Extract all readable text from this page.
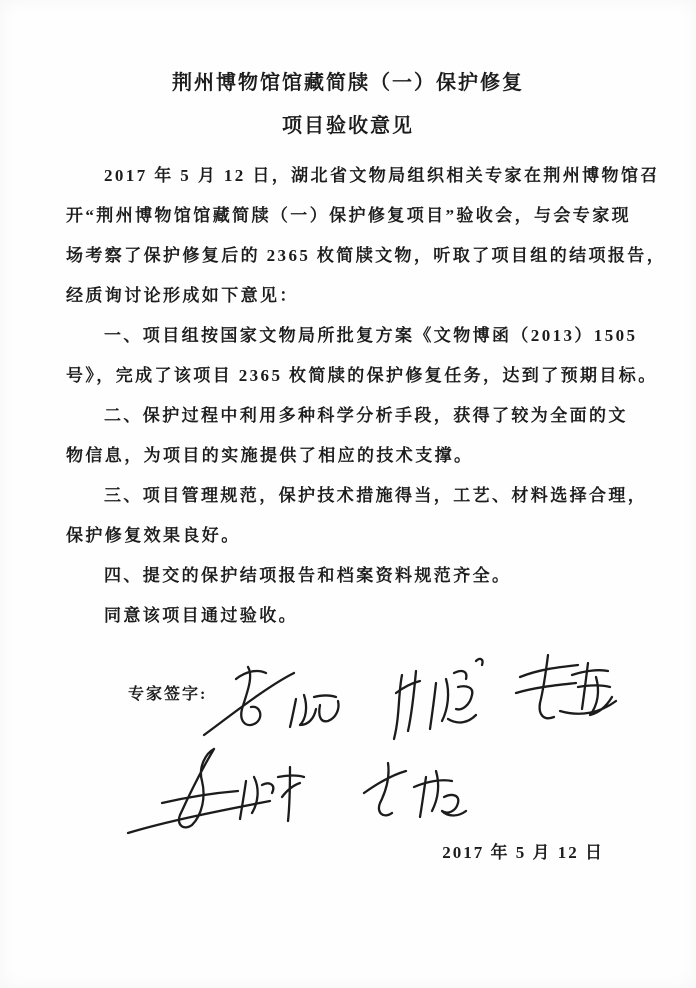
荆州博物馆馆藏简牍（一）保护修复
项目验收意见
2017 年 5 月 12 日，湖北省文物局组织相关专家在荆州博物馆召
开“荆州博物馆馆藏简牍（一）保护修复项目”验收会，与会专家现
场考察了保护修复后的 2365 枚简牍文物，听取了项目组的结项报告，
经质询讨论形成如下意见：
一、项目组按国家文物局所批复方案《文物博函（2013）1505
号》，完成了该项目 2365 枚简牍的保护修复任务，达到了预期目标。
二、保护过程中利用多种科学分析手段，获得了较为全面的文
物信息，为项目的实施提供了相应的技术支撑。
三、项目管理规范，保护技术措施得当，工艺、材料选择合理，
保护修复效果良好。
四、提交的保护结项报告和档案资料规范齐全。
同意该项目通过验收。
专家签字:
2017 年 5 月 12 日
